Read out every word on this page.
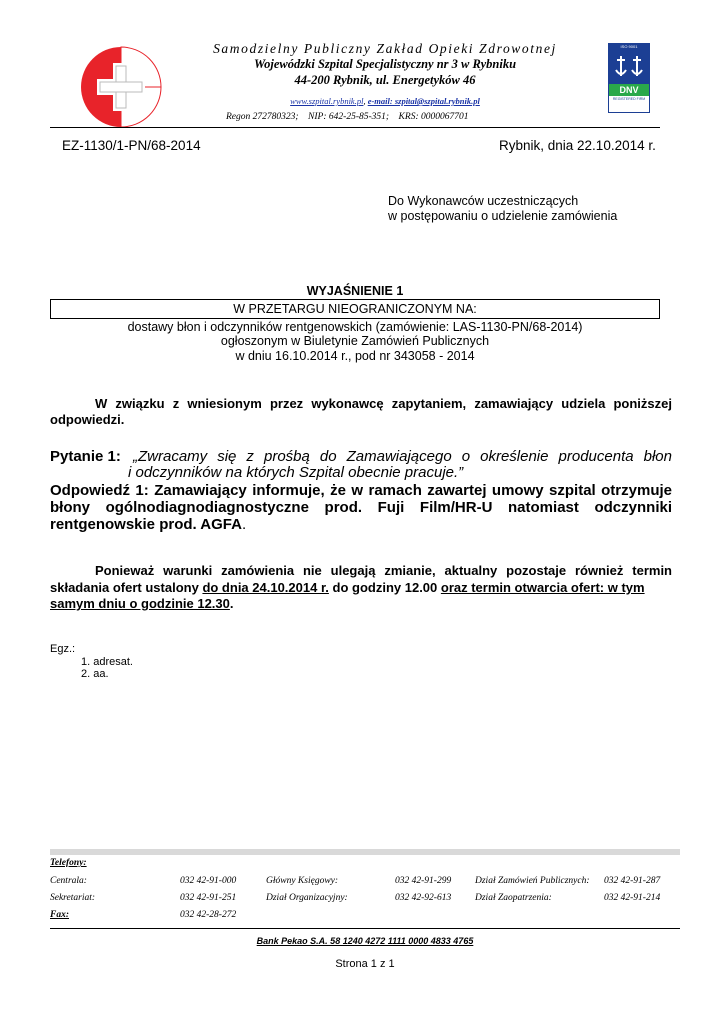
Samodzielny Publiczny Zakład Opieki Zdrowotnej
Wojewódzki Szpital Specjalistyczny nr 3 w Rybniku
44-200 Rybnik, ul. Energetyków 46
www.szpital.rybnik.pl, e-mail: szpital@szpital.rybnik.pl
Regon 272780323;    NIP: 642-25-85-351;    KRS: 0000067701
ISO 9001
DNV
REGISTERED FIRM
EZ-1130/1-PN/68-2014	Rybnik, dnia 22.10.2014 r.
Do Wykonawców uczestniczących
w postępowaniu o udzielenie zamówienia
WYJAŚNIENIE 1
W PRZETARGU NIEOGRANICZONYM NA:
dostawy błon i odczynników rentgenowskich (zamówienie: LAS-1130-PN/68-2014)
ogłoszonym w Biuletynie Zamówień Publicznych
w dniu 16.10.2014 r., pod nr 343058 - 2014
W związku z wniesionym przez wykonawcę zapytaniem, zamawiający udziela poniższej
odpowiedzi.
Pytanie 1: „Zwracamy się z prośbą do Zamawiającego o określenie producenta błon
i odczynników na których Szpital obecnie pracuje.”
Odpowiedź 1: Zamawiający informuje, że w ramach zawartej umowy szpital otrzymuje
błony ogólnodiagnodiagnostyczne prod. Fuji Film/HR-U natomiast odczynniki
rentgenowskie prod. AGFA.
Ponieważ warunki zamówienia nie ulegają zmianie, aktualny pozostaje również termin
składania ofert ustalony do dnia 24.10.2014 r. do godziny 12.00 oraz termin otwarcia ofert: w tym
samym dniu o godzinie 12.30.
Egz.:
1. adresat.
2. aa.
Telefony:
Centrala:	032 42-91-000	Główny Księgowy:	032 42-91-299	Dział Zamówień Publicznych: 032 42-91-287
Sekretariat:	032 42-91-251	Dział Organizacyjny:	032 42-92-613	Dział Zaopatrzenia:	032 42-91-214
Fax:	032 42-28-272
Bank Pekao S.A. 58 1240 4272 1111 0000 4833 4765
Strona 1 z 1
